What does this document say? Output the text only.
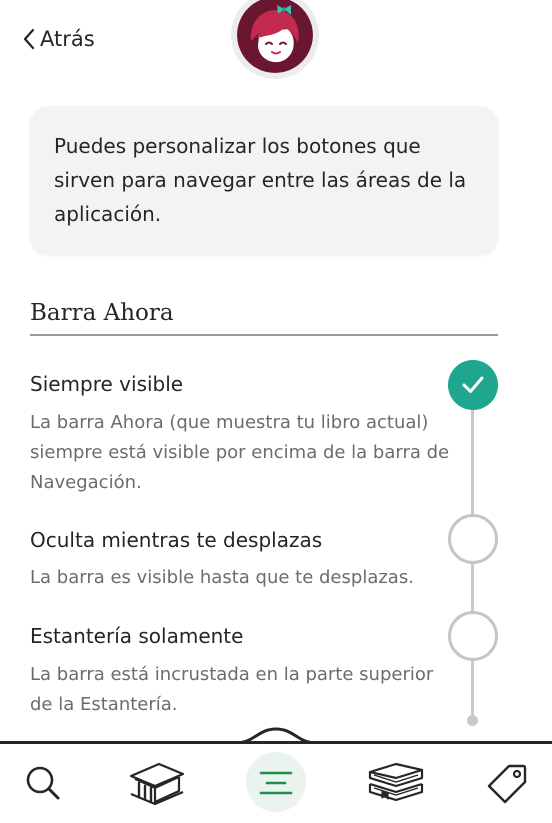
Atrás

Puedes personalizar los botones que sirven para navegar entre las áreas de la aplicación.

Barra Ahora
Siempre visible
La barra Ahora (que muestra tu libro actual) siempre está visible por encima de la barra de Navegación.
Oculta mientras te desplazas
La barra es visible hasta que te desplazas.
Estantería solamente
La barra está incrustada en la parte superior de la Estantería.
